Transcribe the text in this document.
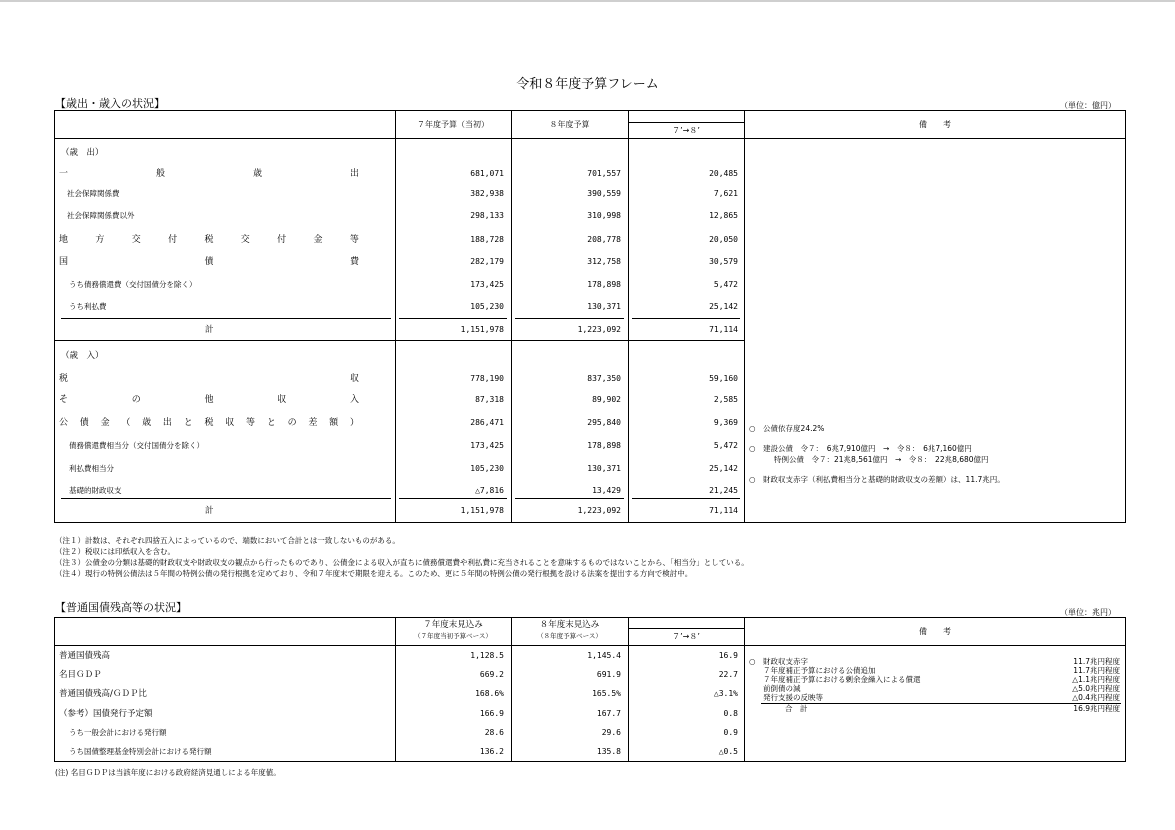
令和８年度予算フレーム
【歳出・歳入の状況】	（単位：億円）
７年度予算（当初）	８年度予算
７’→８’
備　　考
（歳　出）
一	般	歳	出	681,071	701,557	20,485
社会保障関係費	382,938	390,559	7,621
社会保障関係費以外	298,133	310,998	12,865
地	方	交	付	税	交	付	金	等	188,728	208,778	20,050
国	債	費	282,179	312,758	30,579
うち債務償還費（交付国債分を除く）	173,425	178,898	5,472
うち利払費	105,230	130,371	25,142
計	1,151,978	1,223,092	71,114
（歳　入）
税	収	778,190	837,350	59,160
そ	の	他	収	入	87,318	89,902	2,585
公 債 金 （ 歳 出 と 税 収 等 と の 差 額 ）	286,471	295,840	9,369
債務償還費相当分（交付国債分を除く）	173,425	178,898	5,472
利払費相当分	105,230	130,371	25,142
基礎的財政収支	△7,816	13,429	21,245
計	1,151,978	1,223,092	71,114
○　公債依存度24.2%
○　建設公債　令７：　6兆7,910億円　→　令８：　6兆7,160億円
特例公債　令７：21兆8,561億円　→　令８：　22兆8,680億円
○　財政収支赤字（利払費相当分と基礎的財政収支の差額）は、11.7兆円。
（注１）計数は、それぞれ四捨五入によっているので、端数において合計とは一致しないものがある。
（注２）税収には印紙収入を含む。
（注３）公債金の分類は基礎的財政収支や財政収支の観点から行ったものであり、公債金による収入が直ちに債務償還費や利払費に充当されることを意味するものではないことから、「相当分」としている。
（注４）現行の特例公債法は５年間の特例公債の発行根拠を定めており、令和７年度末で期限を迎える。このため、更に５年間の特例公債の発行根拠を設ける法案を提出する方向で検討中。
【普通国債残高等の状況】	（単位：兆円）
７年度末見込み
（７年度当初予算ベース）
８年度末見込み
（８年度予算ベース）	７’→８’
備　　考
普通国債残高	1,128.5	1,145.4	16.9
名目ＧＤＰ	669.2	691.9	22.7
普通国債残高/ＧＤＰ比	168.6%	165.5%	△3.1%
（参考）国債発行予定額	166.9	167.7	0.8
うち一般会計における発行額	28.6	29.6	0.9
うち国債整理基金特別会計における発行額	136.2	135.8	△0.5
○　財政収支赤字	11.7兆円程度
７年度補正予算における公債追加	11.7兆円程度
７年度補正予算における剰余金繰入による償還	△1.1兆円程度
前倒債の減	△5.0兆円程度
発行支援の反映等	△0.4兆円程度
合　計	16.9兆円程度
(注) 名目ＧＤＰは当該年度における政府経済見通しによる年度値。
